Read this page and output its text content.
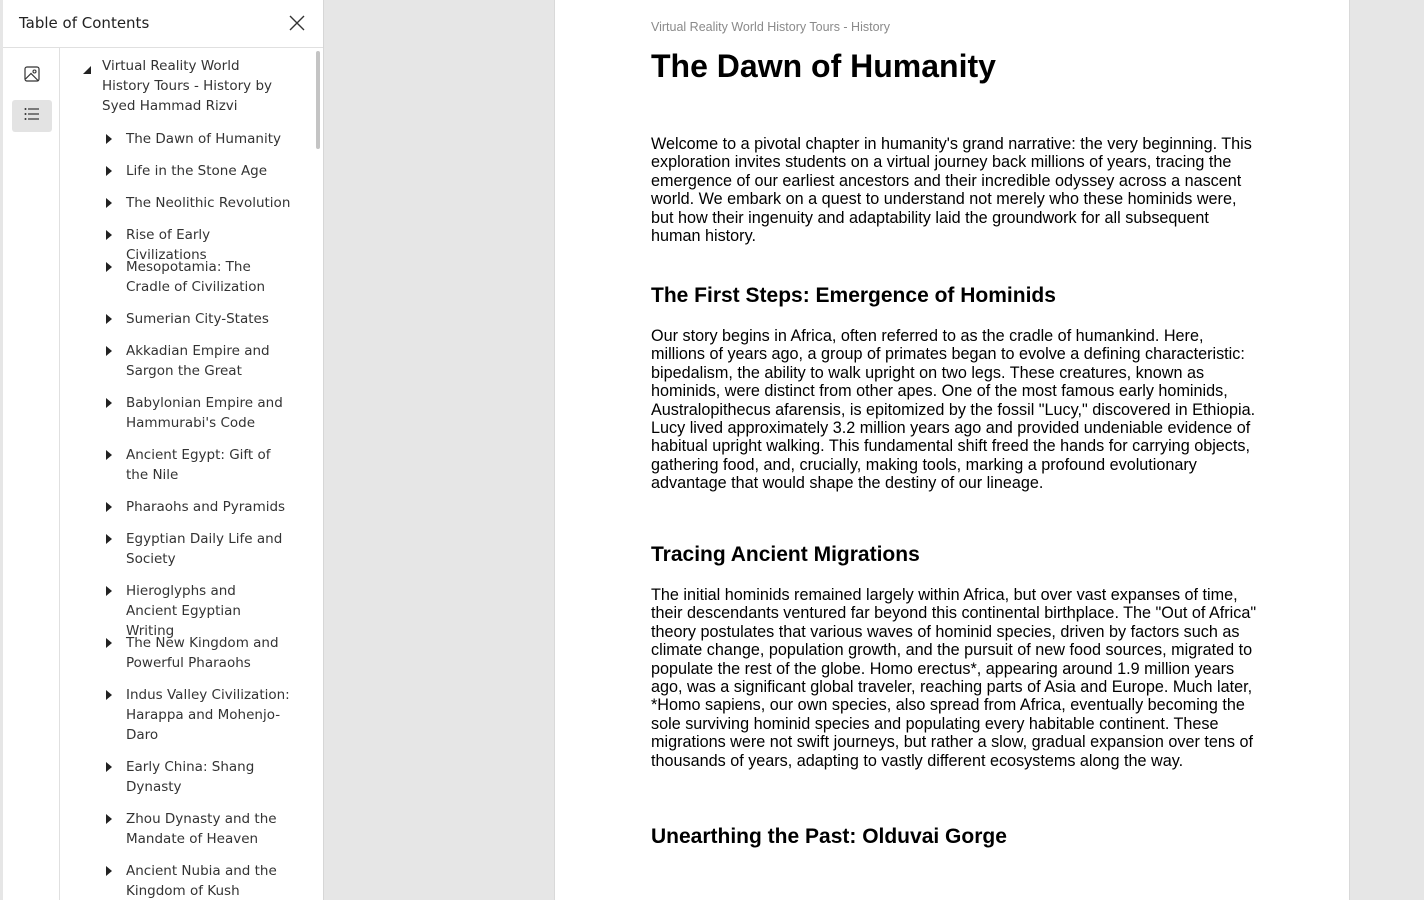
Table of Contents
Virtual Reality World History Tours - History by Syed Hammad Rizvi
The Dawn of Humanity
Life in the Stone Age
The Neolithic Revolution
Rise of Early Civilizations
Mesopotamia: The Cradle of Civilization
Sumerian City-States
Akkadian Empire and Sargon the Great
Babylonian Empire and Hammurabi's Code
Ancient Egypt: Gift of the Nile
Pharaohs and Pyramids
Egyptian Daily Life and Society
Hieroglyphs and Ancient Egyptian Writing
The New Kingdom and Powerful Pharaohs
Indus Valley Civilization: Harappa and Mohenjo-Daro
Early China: Shang Dynasty
Zhou Dynasty and the Mandate of Heaven
Ancient Nubia and the Kingdom of Kush
Virtual Reality World History Tours - History
The Dawn of Humanity
Welcome to a pivotal chapter in humanity's grand narrative: the very beginning. This exploration invites students on a virtual journey back millions of years, tracing the emergence of our earliest ancestors and their incredible odyssey across a nascent world. We embark on a quest to understand not merely who these hominids were, but how their ingenuity and adaptability laid the groundwork for all subsequent human history.
The First Steps: Emergence of Hominids
Our story begins in Africa, often referred to as the cradle of humankind. Here, millions of years ago, a group of primates began to evolve a defining characteristic: bipedalism, the ability to walk upright on two legs. These creatures, known as hominids, were distinct from other apes. One of the most famous early hominids, Australopithecus afarensis, is epitomized by the fossil "Lucy," discovered in Ethiopia. Lucy lived approximately 3.2 million years ago and provided undeniable evidence of habitual upright walking. This fundamental shift freed the hands for carrying objects, gathering food, and, crucially, making tools, marking a profound evolutionary advantage that would shape the destiny of our lineage.
Tracing Ancient Migrations
The initial hominids remained largely within Africa, but over vast expanses of time, their descendants ventured far beyond this continental birthplace. The "Out of Africa" theory postulates that various waves of hominid species, driven by factors such as climate change, population growth, and the pursuit of new food sources, migrated to populate the rest of the globe. Homo erectus*, appearing around 1.9 million years ago, was a significant global traveler, reaching parts of Asia and Europe. Much later, *Homo sapiens, our own species, also spread from Africa, eventually becoming the sole surviving hominid species and populating every habitable continent. These migrations were not swift journeys, but rather a slow, gradual expansion over tens of thousands of years, adapting to vastly different ecosystems along the way.
Unearthing the Past: Olduvai Gorge
